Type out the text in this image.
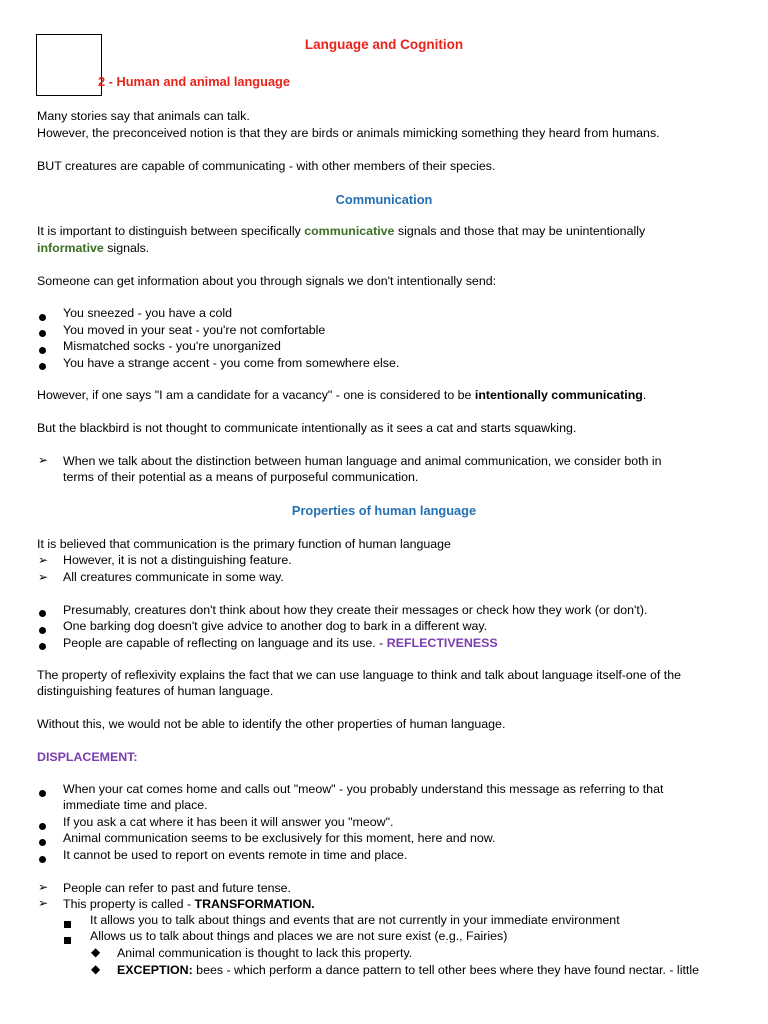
Language and Cognition
2 - Human and animal language
Many stories say that animals can talk.
However, the preconceived notion is that they are birds or animals mimicking something they heard from humans.
BUT creatures are capable of communicating - with other members of their species.
Communication
It is important to distinguish between specifically communicative signals and those that may be unintentionally
informative signals.
Someone can get information about you through signals we don't intentionally send:
You sneezed - you have a cold
You moved in your seat - you're not comfortable
Mismatched socks - you're unorganized
You have a strange accent - you come from somewhere else.
However, if one says "I am a candidate for a vacancy" - one is considered to be intentionally communicating.
But the blackbird is not thought to communicate intentionally as it sees a cat and starts squawking.
➢ When we talk about the distinction between human language and animal communication, we consider both in
terms of their potential as a means of purposeful communication.
Properties of human language
It is believed that communication is the primary function of human language
➢ However, it is not a distinguishing feature.
➢ All creatures communicate in some way.
Presumably, creatures don't think about how they create their messages or check how they work (or don't).
One barking dog doesn't give advice to another dog to bark in a different way.
People are capable of reflecting on language and its use. - REFLECTIVENESS
The property of reflexivity explains the fact that we can use language to think and talk about language itself-one of the
distinguishing features of human language.
Without this, we would not be able to identify the other properties of human language.
DISPLACEMENT:
When your cat comes home and calls out "meow" - you probably understand this message as referring to that
immediate time and place.
If you ask a cat where it has been it will answer you "meow".
Animal communication seems to be exclusively for this moment, here and now.
It cannot be used to report on events remote in time and place.
➢ People can refer to past and future tense.
➢ This property is called - TRANSFORMATION.
It allows you to talk about things and events that are not currently in your immediate environment
Allows us to talk about things and places we are not sure exist (e.g., Fairies)
◆ Animal communication is thought to lack this property.
◆ EXCEPTION: bees - which perform a dance pattern to tell other bees where they have found nectar. - little
